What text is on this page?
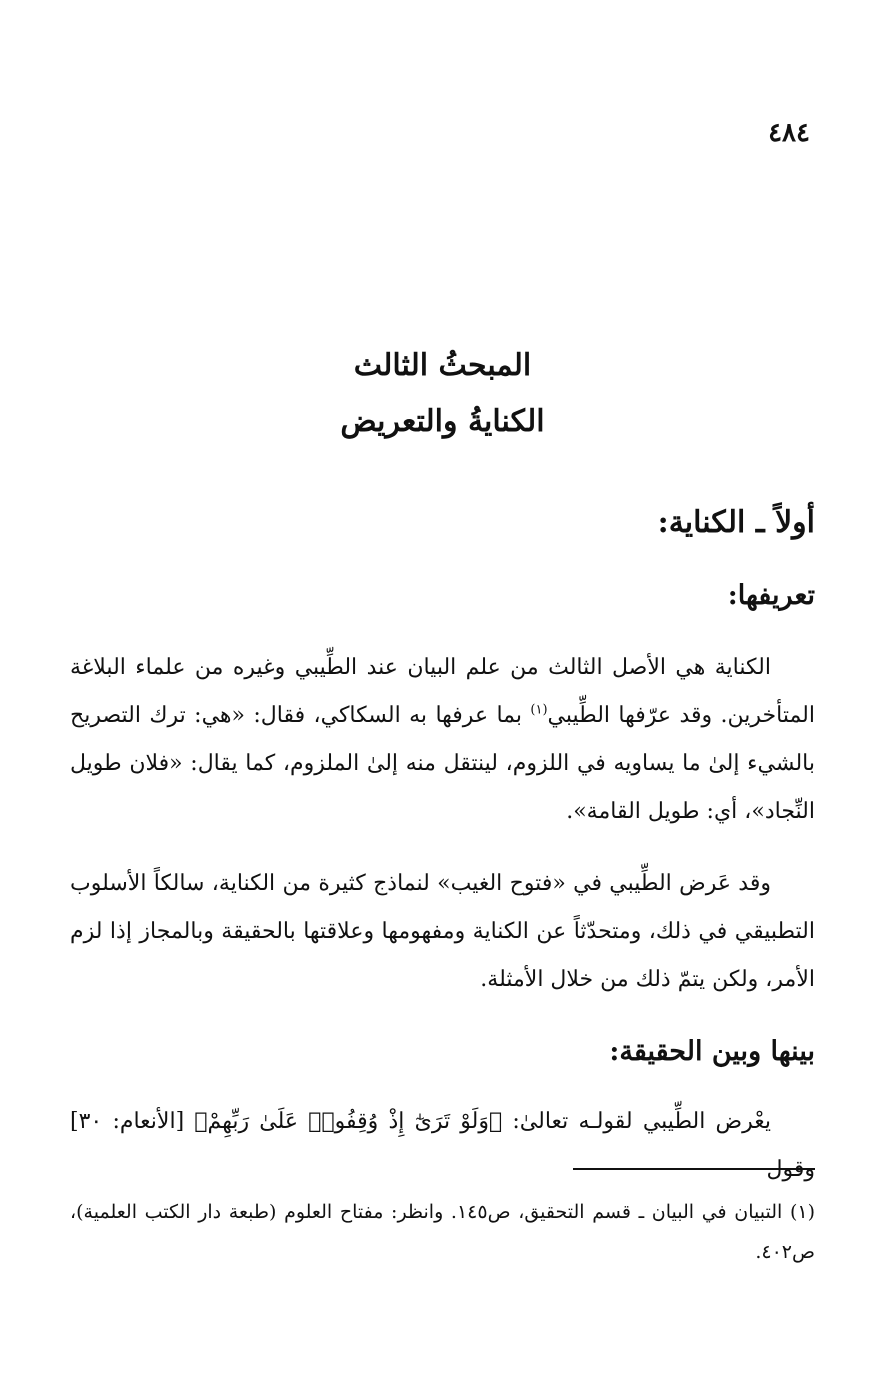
٤٨٤
المبحثُ الثالث
الكنايةُ والتعريض
أولاً ـ الكناية:
تعريفها:

الكناية هي الأصل الثالث من علم البيان عند الطِّيبي وغيره من علماء البلاغة المتأخرين. وقد عرّفها الطِّيبي$^{(١)}$ بما عرفها به السكاكي، فقال: «هي: ترك التصريح بالشيء إلىٰ ما يساويه في اللزوم، لينتقل منه إلىٰ الملزوم، كما يقال: «فلان طويل النِّجاد»، أي: طويل القامة».

وقد عَرض الطِّيبي في «فتوح الغيب» لنماذج كثيرة من الكناية، سالكاً الأسلوب التطبيقي في ذلك، ومتحدّثاً عن الكناية ومفهومها وعلاقتها بالحقيقة وبالمجاز إذا لزم الأمر، ولكن يتمّ ذلك من خلال الأمثلة.

بينها وبين الحقيقة:

يعْرض الطِّيبي لقولـه تعالىٰ: ﴿وَلَوْ تَرَىٰٓ إِذْ وُقِفُوا۟ عَلَىٰ رَبِّهِمْ﴾ [الأنعام: ٣٠] وقول

(١) التبيان في البيان ـ قسم التحقيق، ص١٤٥. وانظر: مفتاح العلوم (طبعة دار الكتب العلمية)، ص٤٠٢.
